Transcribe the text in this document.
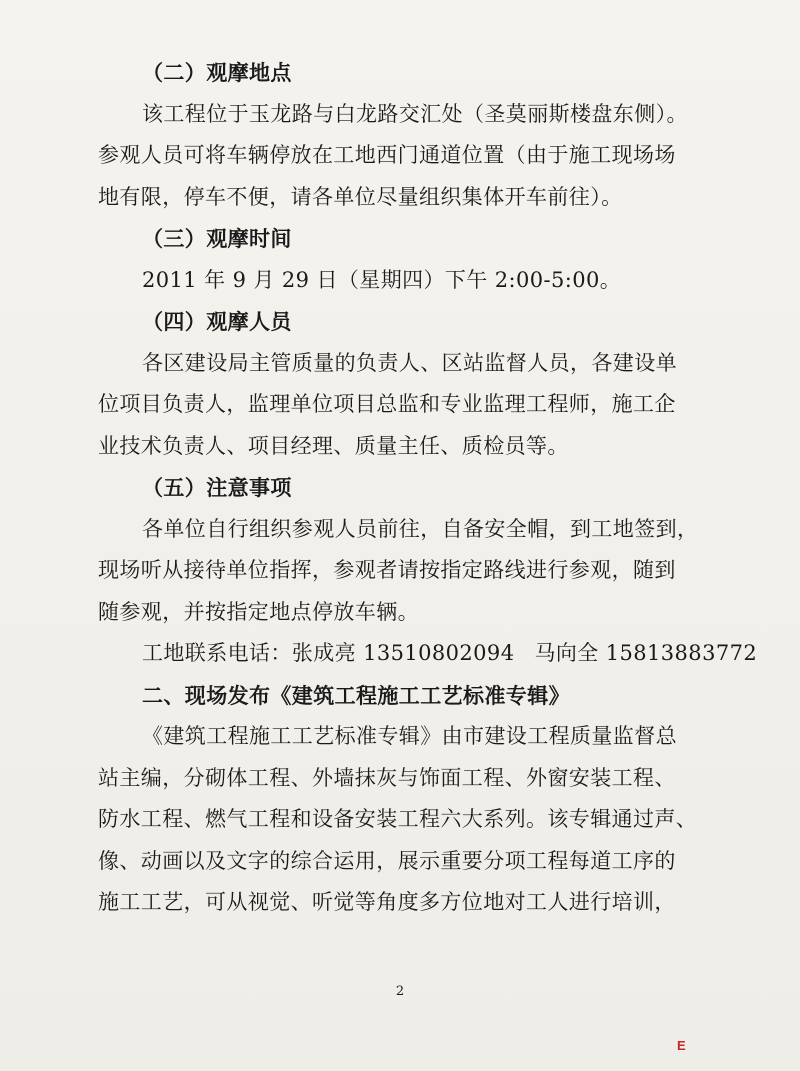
（二）观摩地点
该工程位于玉龙路与白龙路交汇处（圣莫丽斯楼盘东侧）。
参观人员可将车辆停放在工地西门通道位置（由于施工现场场
地有限，停车不便，请各单位尽量组织集体开车前往）。
（三）观摩时间
2011 年 9 月 29 日（星期四）下午 2:00-5:00。
（四）观摩人员
各区建设局主管质量的负责人、区站监督人员，各建设单
位项目负责人，监理单位项目总监和专业监理工程师，施工企
业技术负责人、项目经理、质量主任、质检员等。
（五）注意事项
各单位自行组织参观人员前往，自备安全帽，到工地签到，
现场听从接待单位指挥，参观者请按指定路线进行参观，随到
随参观，并按指定地点停放车辆。
工地联系电话：张成亮 13510802094 马向全 15813883772
二、现场发布《建筑工程施工工艺标准专辑》
《建筑工程施工工艺标准专辑》由市建设工程质量监督总
站主编，分砌体工程、外墙抹灰与饰面工程、外窗安装工程、
防水工程、燃气工程和设备安装工程六大系列。该专辑通过声、
像、动画以及文字的综合运用，展示重要分项工程每道工序的
施工工艺，可从视觉、听觉等角度多方位地对工人进行培训，
2
E
